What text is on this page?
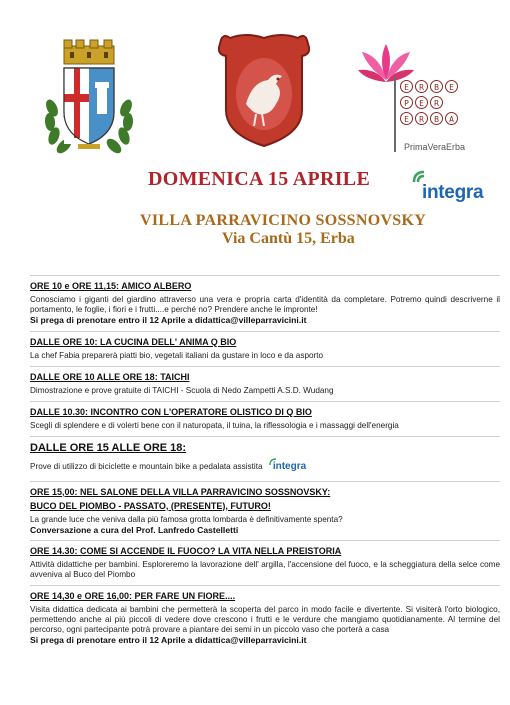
E	R	B	E
P	E	R
E	R	B	A
PrimaVeraErba
DOMENICA 15 APRILE
integra
VILLA PARRAVICINO SOSSNOVSKY
Via Cantù 15, Erba

ORE 10 e ORE 11,15: AMICO ALBERO

Conosciamo i giganti del giardino attraverso una vera e propria carta d'identità da completare. Potremo quindi descriverne il portamento, le foglie, i fiori e i frutti....e perché no? Prendere anche le impronte!

Si prega di prenotare entro il 12 Aprile a didattica@villeparravicini.it

DALLE ORE 10: LA CUCINA DELL' ANIMA Q BIO

La chef Fabia preparerà piatti bio, vegetali italiani da gustare in loco e da asporto

DALLE ORE 10 ALLE ORE 18: TAICHI

Dimostrazione e prove gratuite di TAICHI - Scuola di Nedo Zampetti A.S.D. Wudang

DALLE 10.30: INCONTRO CON L'OPERATORE OLISTICO DI Q BIO

Scegli di splendere e di volerti bene con il naturopata, il tuina, la riflessologia e i massaggi dell'energia

DALLE ORE 15 ALLE ORE 18:

Prove di utilizzo di biciclette e mountain bike a pedalata assistita integra

ORE 15,00: NEL SALONE DELLA VILLA PARRAVICINO SOSSNOVSKY:

BUCO DEL PIOMBO - PASSATO, (PRESENTE), FUTURO!

La grande luce che veniva dalla più famosa grotta lombarda è definitivamente spenta?

Conversazione a cura del Prof. Lanfredo Castelletti

ORE 14.30: COME SI ACCENDE IL FUOCO? LA VITA NELLA PREISTORIA

Attività didattiche per bambini. Esploreremo la lavorazione dell' argilla, l'accensione del fuoco, e la scheggiatura della selce come avveniva al Buco del Piombo

ORE 14,30 e ORE 16,00: PER FARE UN FIORE....

Visita didattica dedicata ai bambini che permetterà la scoperta del parco in modo facile e divertente. Si visiterà l'orto biologico, permettendo anche ai più piccoli di vedere dove crescono i frutti e le verdure che mangiamo quotidianamente. Al termine del percorso, ogni partecipante potrà provare a piantare dei semi in un piccolo vaso che porterà a casa

Si prega di prenotare entro il 12 Aprile a didattica@villeparravicini.it
